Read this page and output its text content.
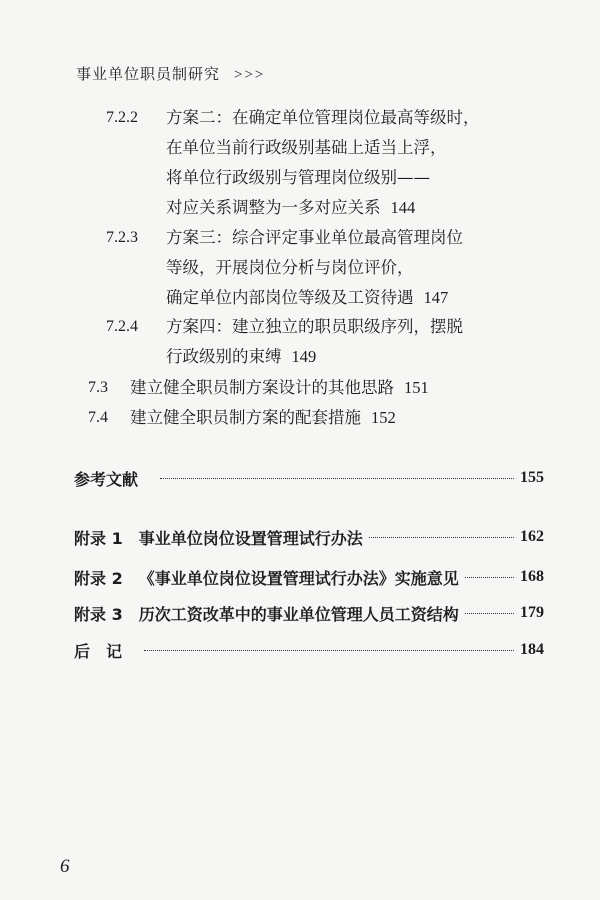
事业单位职员制研究 >>>
7.2.2 方案二：在确定单位管理岗位最高等级时，
在单位当前行政级别基础上适当上浮，
将单位行政级别与管理岗位级别——
对应关系调整为一多对应关系 144
7.2.3 方案三：综合评定事业单位最高管理岗位
等级，开展岗位分析与岗位评价，
确定单位内部岗位等级及工资待遇 147
7.2.4 方案四：建立独立的职员职级序列，摆脱
行政级别的束缚 149
7.3 建立健全职员制方案设计的其他思路 151
7.4 建立健全职员制方案的配套措施 152
参考文献	155
附录 1 事业单位岗位设置管理试行办法	162
附录 2 《事业单位岗位设置管理试行办法》实施意见	168
附录 3 历次工资改革中的事业单位管理人员工资结构	179
后　记	184
6
